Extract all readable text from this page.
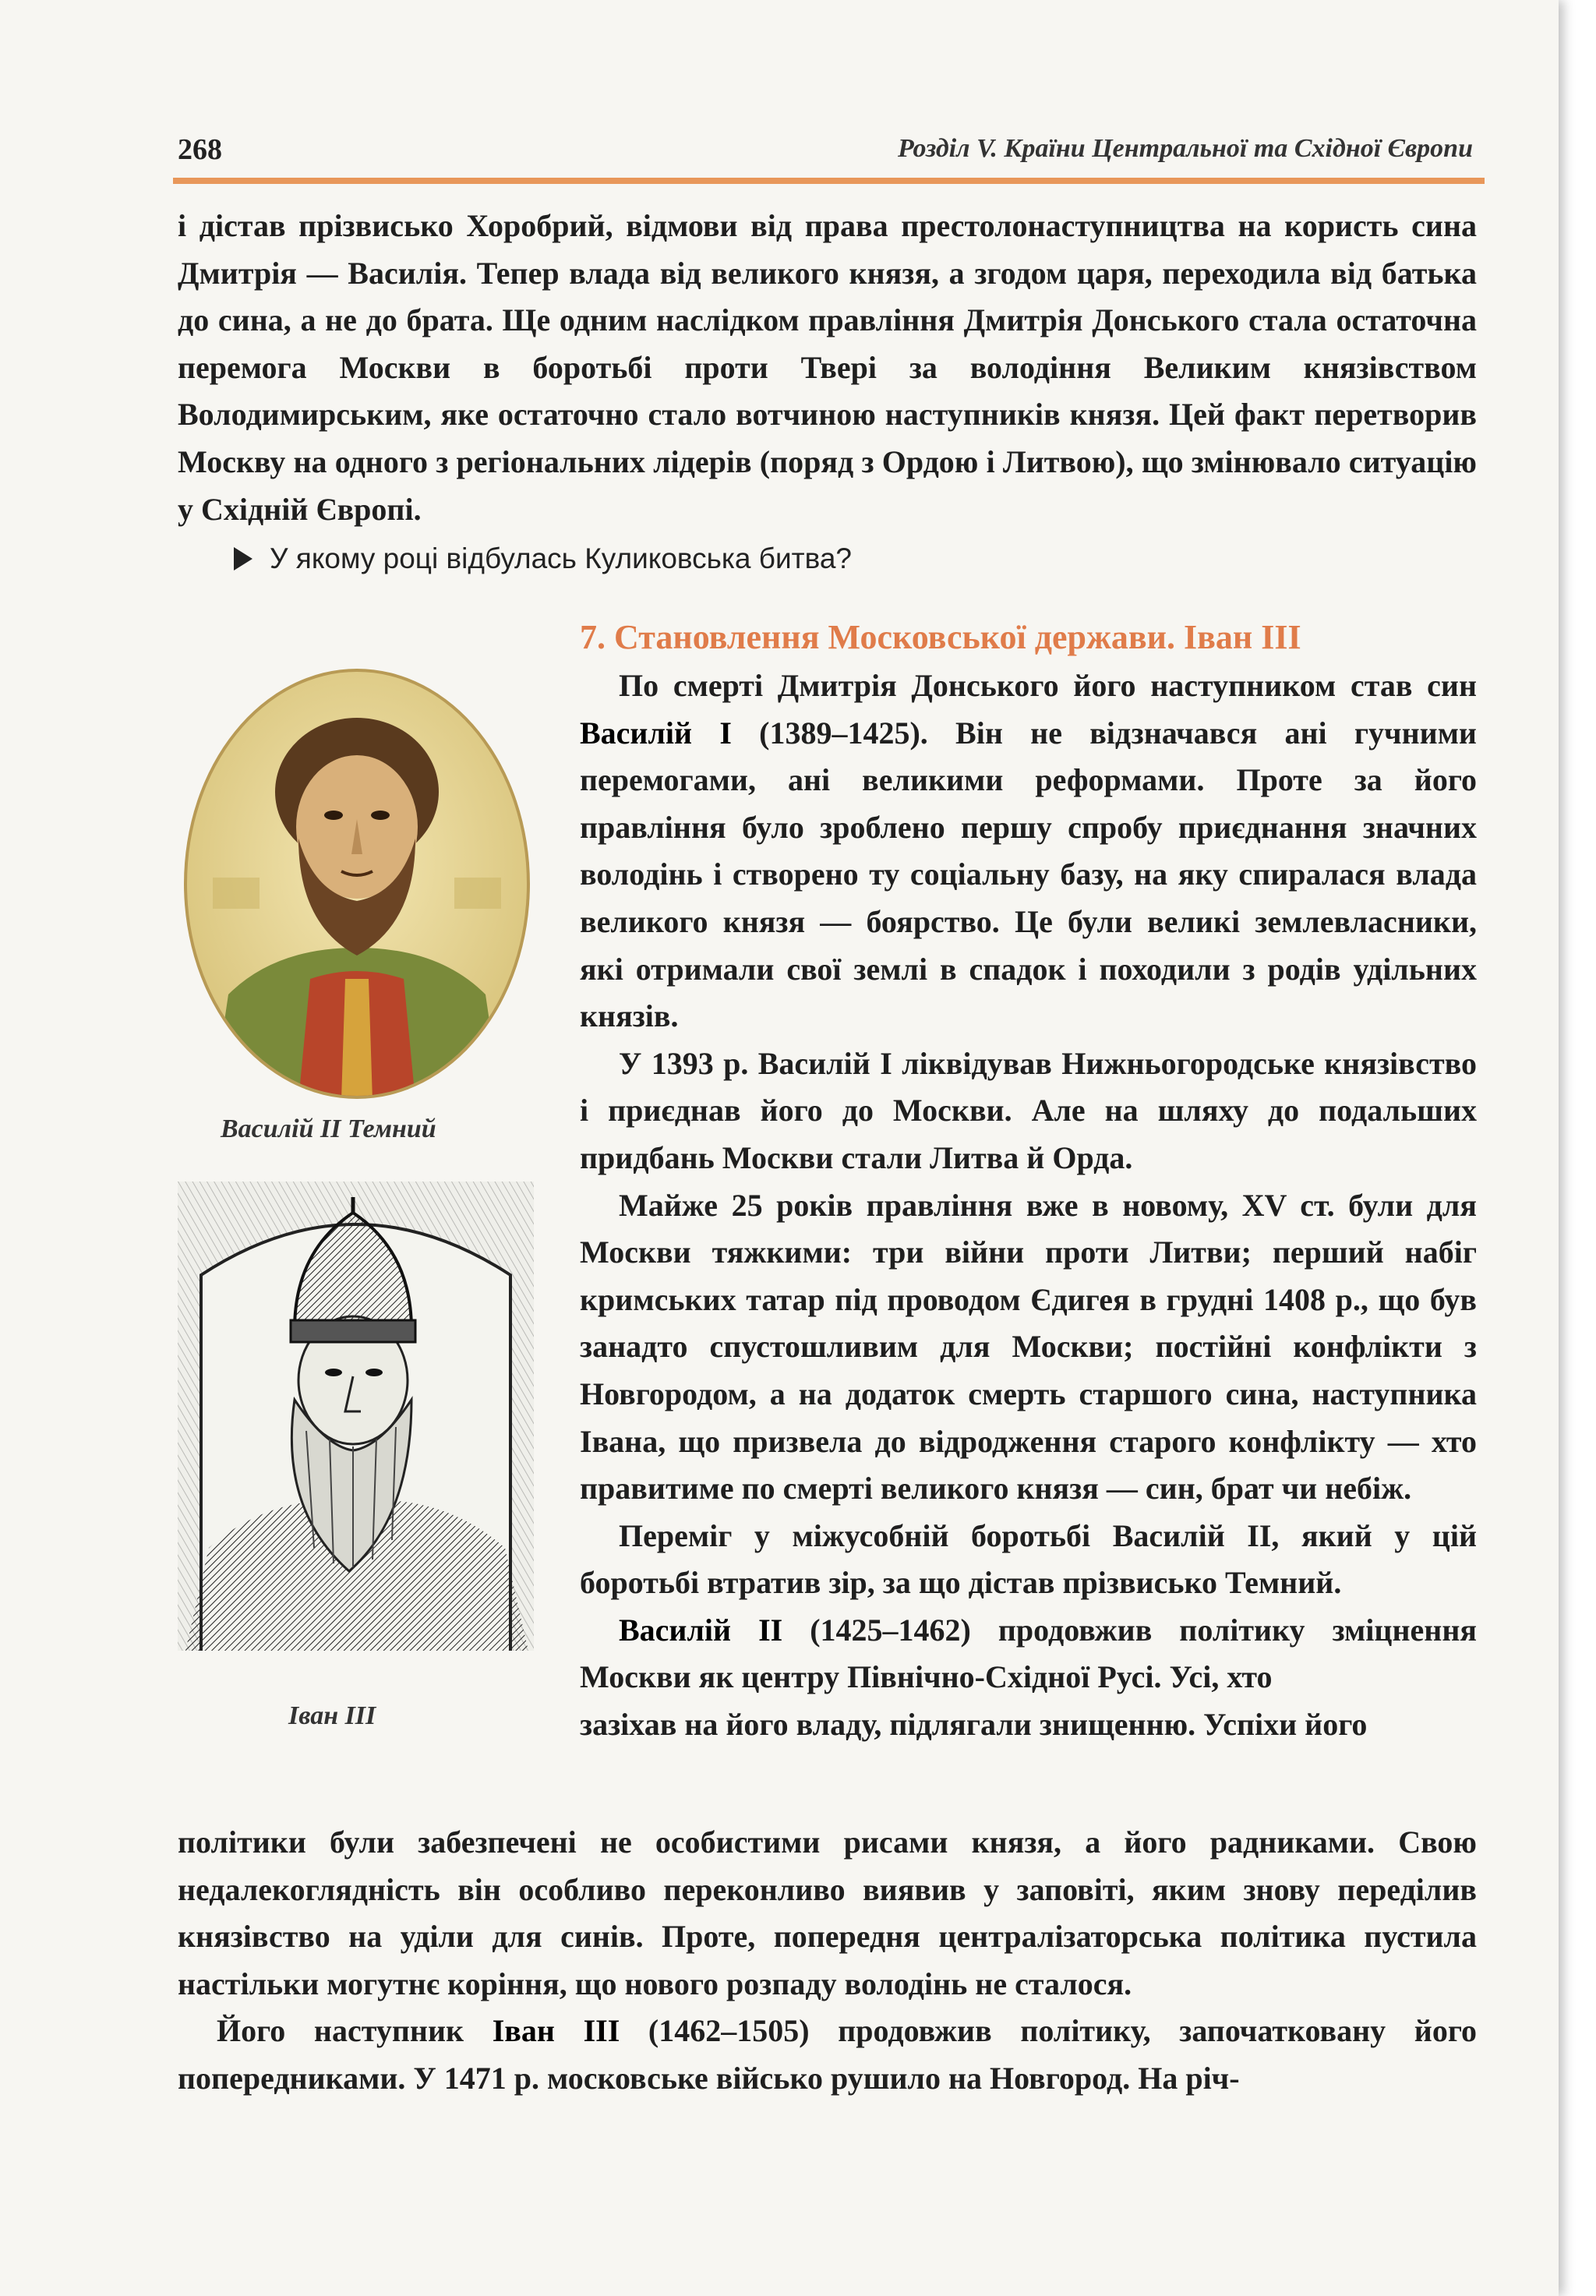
268	Розділ V. Країни Центральної та Східної Європи

і дістав прізвисько Хоробрий, відмови від права престолонаступництва на користь сина Дмитрія — Василія. Тепер влада від великого князя, а згодом царя, переходила від батька до сина, а не до брата. Ще одним наслідком правління Дмитрія Донського стала остаточна перемога Москви в боротьбі проти Твері за володіння Великим князівством Володимирським, яке остаточно стало вотчиною наступників князя. Цей факт перетворив Москву на одного з регіональних лідерів (поряд з Ордою і Литвою), що змінювало ситуацію у Східній Європі.

У якому році відбулась Куликовська битва?
7. Становлення Московської держави. Іван ІІІ
Василій ІІ Темний
Іван ІІІ

По смерті Дмитрія Донського його наступником став син Василій І (1389–1425). Він не відзначався ані гучними перемогами, ані великими реформами. Проте за його правління було зроблено першу спробу приєднання значних володінь і створено ту соціальну базу, на яку спиралася влада великого князя — боярство. Це були великі землевласники, які отримали свої землі в спадок і походили з родів удільних князів.

У 1393 р. Василій І ліквідував Нижньогородське князівство і приєднав його до Москви. Але на шляху до подальших придбань Москви стали Литва й Орда.

Майже 25 років правління вже в новому, XV ст. були для Москви тяжкими: три війни проти Литви; перший набіг кримських татар під проводом Єдигея в грудні 1408 р., що був занадто спустошливим для Москви; постійні конфлікти з Новгородом, а на додаток смерть старшого сина, наступника Івана, що призвела до відродження старого конфлікту — хто правитиме по смерті великого князя — син, брат чи небіж.

Переміг у міжусобній боротьбі Василій ІІ, який у цій боротьбі втратив зір, за що дістав прізвисько Темний.

Василій ІІ (1425–1462) продовжив політику зміцнення Москви як центру Північно-Східної Русі. Усі, хто

зазіхав на його владу, підлягали знищенню. Успіхи його

політики були забезпечені не особистими рисами князя, а його радниками. Свою недалекоглядність він особливо переконливо виявив у заповіті, яким знову переділив князівство на уділи для синів. Проте, попередня централізаторська політика пустила настільки могутнє коріння, що нового розпаду володінь не сталося.

Його наступник Іван ІІІ (1462–1505) продовжив політику, започатковану його попередниками. У 1471 р. московське військо рушило на Новгород. На річ-
